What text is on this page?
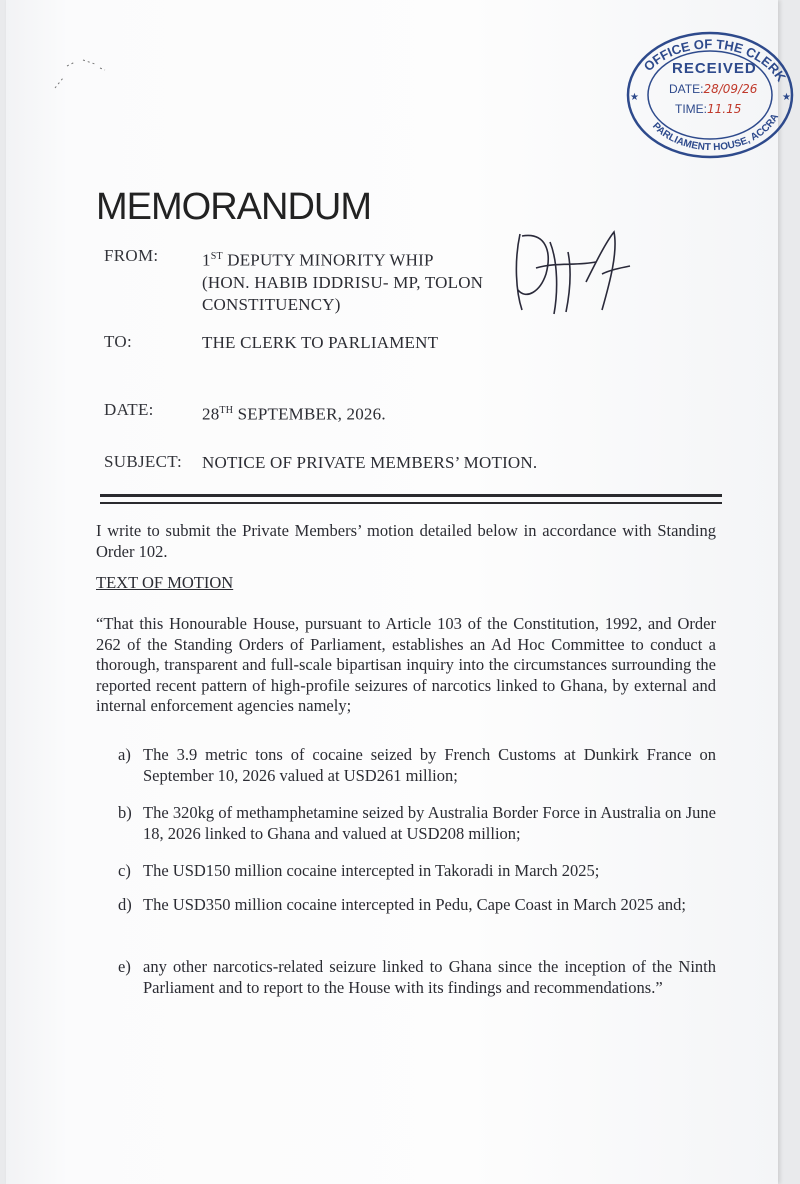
OFFICE OF THE CLERK
PARLIAMENT HOUSE, ACCRA
★	★
RECEIVED
DATE:28/09/26
TIME:11.15
MEMORANDUM
FROM:	1ST DEPUTY MINORITY WHIP
(HON. HABIB IDDRISU- MP, TOLON
CONSTITUENCY)
TO:	THE CLERK TO PARLIAMENT
DATE:	28TH SEPTEMBER, 2026.
SUBJECT: NOTICE OF PRIVATE MEMBERS’ MOTION.
I write to submit the Private Members’ motion detailed below in accordance with Standing Order 102.
TEXT OF MOTION
“That this Honourable House, pursuant to Article 103 of the Constitution, 1992, and Order 262 of the Standing Orders of Parliament, establishes an Ad Hoc Committee to conduct a thorough, transparent and full-scale bipartisan inquiry into the circumstances surrounding the reported recent pattern of high-profile seizures of narcotics linked to Ghana, by external and internal enforcement agencies namely;
a) The 3.9 metric tons of cocaine seized by French Customs at Dunkirk France on September 10, 2026 valued at USD261 million;
b) The 320kg of methamphetamine seized by Australia Border Force in Australia on June 18, 2026 linked to Ghana and valued at USD208 million;
c) The USD150 million cocaine intercepted in Takoradi in March 2025;
d) The USD350 million cocaine intercepted in Pedu, Cape Coast in March 2025 and;
e) any other narcotics-related seizure linked to Ghana since the inception of the Ninth Parliament and to report to the House with its findings and recommendations.”
